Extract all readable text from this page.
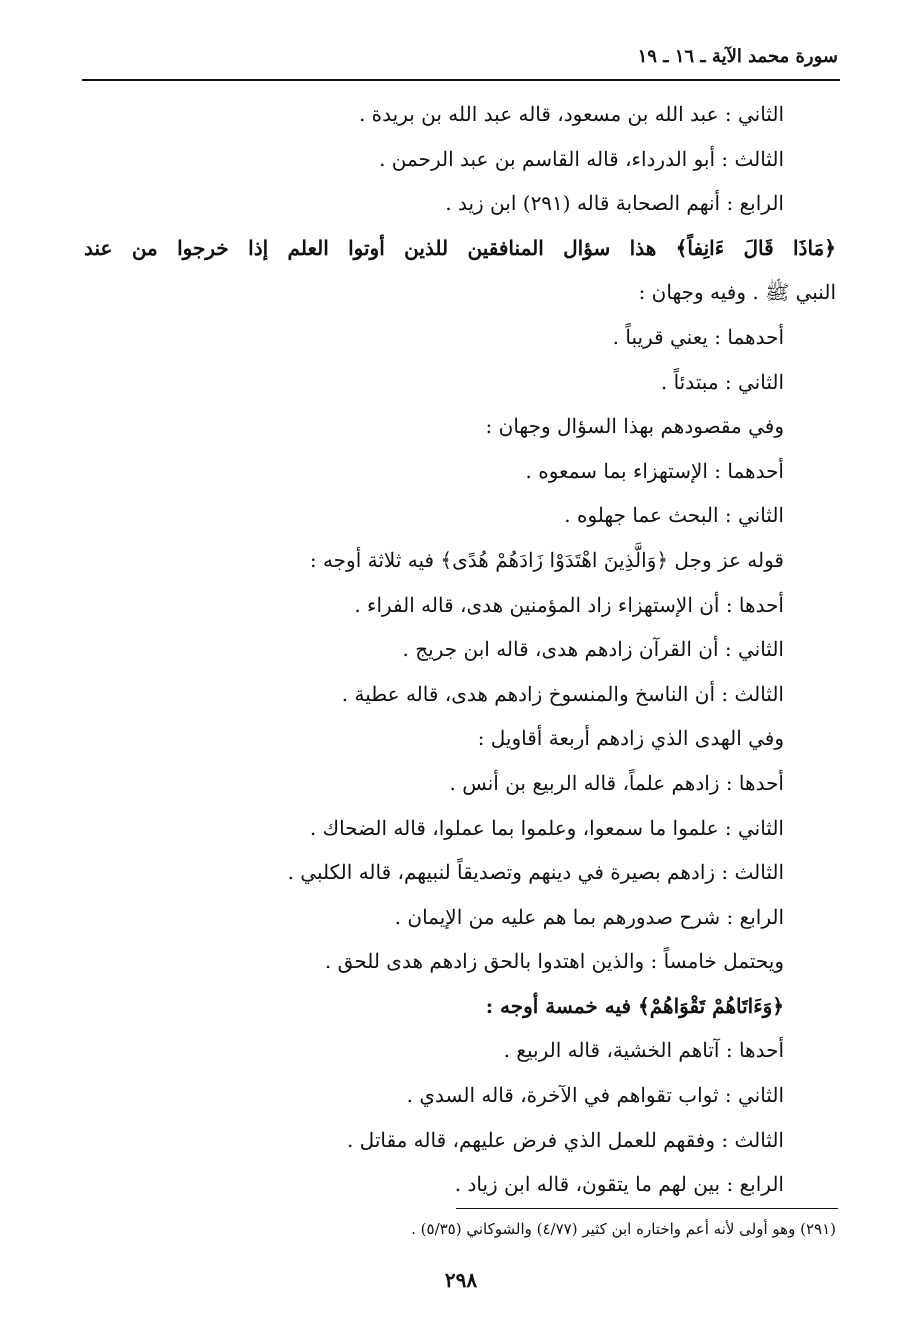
سورة محمد الآية ـ ١٦ ـ ١٩
الثاني : عبد الله بن مسعود، قاله عبد الله بن بريدة .
الثالث : أبو الدرداء، قاله القاسم بن عبد الرحمن .
الرابع : أنهم الصحابة قاله (٢٩١) ابن زيد .
﴿مَاذَا قَالَ ءَانِفاً﴾ هذا سؤال المنافقين للذين أوتوا العلم إذا خرجوا من عند
النبي ﷺ . وفيه وجهان :
أحدهما : يعني قريباً .
الثاني : مبتدئاً .
وفي مقصودهم بهذا السؤال وجهان :
أحدهما : الإستهزاء بما سمعوه .
الثاني : البحث عما جهلوه .
قوله عز وجل ﴿وَالَّذِينَ اهْتَدَوْا زَادَهُمْ هُدًى﴾ فيه ثلاثة أوجه :
أحدها : أن الإستهزاء زاد المؤمنين هدى، قاله الفراء .
الثاني : أن القرآن زادهم هدى، قاله ابن جريج .
الثالث : أن الناسخ والمنسوخ زادهم هدى، قاله عطية .
وفي الهدى الذي زادهم أربعة أقاويل :
أحدها : زادهم علماً، قاله الربيع بن أنس .
الثاني : علموا ما سمعوا، وعلموا بما عملوا، قاله الضحاك .
الثالث : زادهم بصيرة في دينهم وتصديقاً لنبيهم، قاله الكلبي .
الرابع : شرح صدورهم بما هم عليه من الإيمان .
ويحتمل خامساً : والذين اهتدوا بالحق زادهم هدى للحق .
﴿وَءَاتَاهُمْ تَقْوَاهُمْ﴾ فيه خمسة أوجه :
أحدها : آتاهم الخشية، قاله الربيع .
الثاني : ثواب تقواهم في الآخرة، قاله السدي .
الثالث : وفقهم للعمل الذي فرض عليهم، قاله مقاتل .
الرابع : بين لهم ما يتقون، قاله ابن زياد .
(٢٩١) وهو أولى لأنه أعم واختاره ابن كثير (٤/٧٧) والشوكاني (٥/٣٥) .
٢٩٨
